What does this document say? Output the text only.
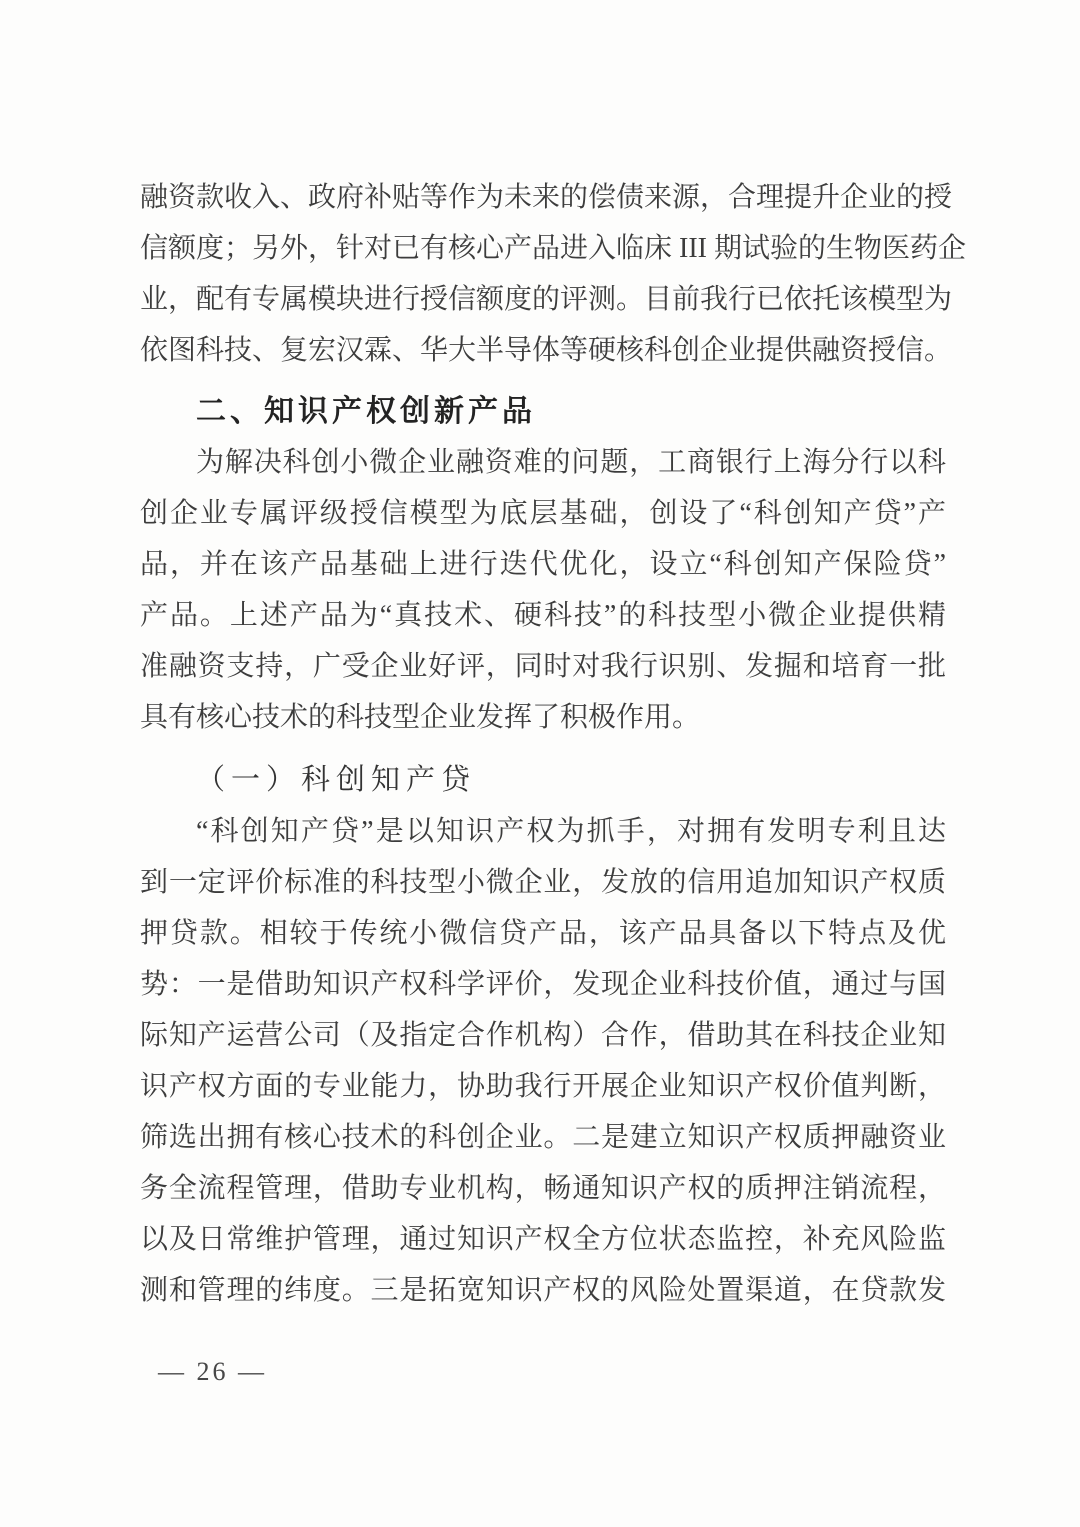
融资款收入、政府补贴等作为未来的偿债来源，合理提升企业的授
信额度；另外，针对已有核心产品进入临床 III 期试验的生物医药企
业，配有专属模块进行授信额度的评测。目前我行已依托该模型为
依图科技、复宏汉霖、华大半导体等硬核科创企业提供融资授信。
二、知识产权创新产品
为解决科创小微企业融资难的问题，工商银行上海分行以科
创企业专属评级授信模型为底层基础，创设了“科创知产贷”产
品，并在该产品基础上进行迭代优化，设立“科创知产保险贷”
产品。上述产品为“真技术、硬科技”的科技型小微企业提供精
准融资支持，广受企业好评，同时对我行识别、发掘和培育一批
具有核心技术的科技型企业发挥了积极作用。
（一）科创知产贷
“科创知产贷”是以知识产权为抓手，对拥有发明专利且达
到一定评价标准的科技型小微企业，发放的信用追加知识产权质
押贷款。相较于传统小微信贷产品，该产品具备以下特点及优
势：一是借助知识产权科学评价，发现企业科技价值，通过与国
际知产运营公司（及指定合作机构）合作，借助其在科技企业知
识产权方面的专业能力，协助我行开展企业知识产权价值判断，
筛选出拥有核心技术的科创企业。二是建立知识产权质押融资业
务全流程管理，借助专业机构，畅通知识产权的质押注销流程，
以及日常维护管理，通过知识产权全方位状态监控，补充风险监
测和管理的纬度。三是拓宽知识产权的风险处置渠道，在贷款发
— 26 —
